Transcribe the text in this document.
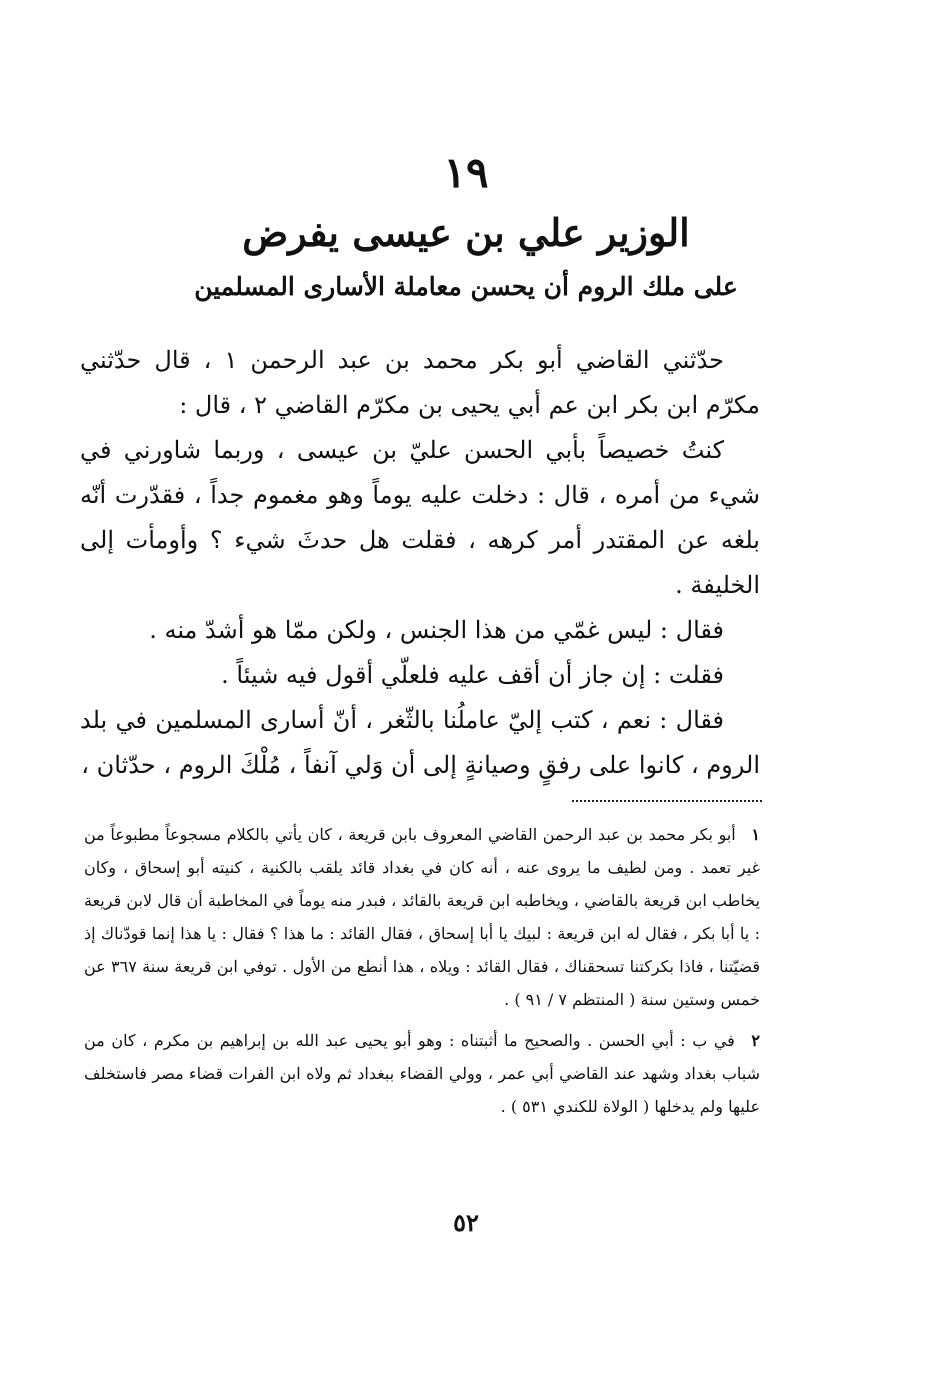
١٩
الوزير علي بن عيسى يفرض
على ملك الروم أن يحسن معاملة الأسارى المسلمين

حدّثني القاضي أبو بكر محمد بن عبد الرحمن ١ ، قال حدّثني مكرّم ابن بكر ابن عم أبي يحيى بن مكرّم القاضي ٢ ، قال :

كنتُ خصيصاً بأبي الحسن عليّ بن عيسى ، وربما شاورني في شيء من أمره ، قال : دخلت عليه يوماً وهو مغموم جداً ، فقدّرت أنّه بلغه عن المقتدر أمر كرهه ، فقلت هل حدثَ شيء ؟ وأومأت إلى الخليفة .

فقال : ليس غمّي من هذا الجنس ، ولكن ممّا هو أشدّ منه .

فقلت : إن جاز أن أقف عليه فلعلّي أقول فيه شيئاً .

فقال : نعم ، كتب إليّ عاملُنا بالثّغر ، أنّ أسارى المسلمين في بلد الروم ، كانوا على رفقٍ وصيانةٍ إلى أن وَلي آنفاً ، مُلْكَ الروم ، حدّثان ،

١ أبو بكر محمد بن عبد الرحمن القاضي المعروف بابن قريعة ، كان يأتي بالكلام مسجوعاً مطبوعاً من غير تعمد . ومن لطيف ما يروى عنه ، أنه كان في بغداد قائد يلقب بالكنية ، كنيته أبو إسحاق ، وكان يخاطب ابن قريعة بالقاضي ، ويخاطبه ابن قريعة بالقائد ، فبدر منه يوماً في المخاطبة أن قال لابن قريعة : يا أبا بكر ، فقال له ابن قريعة : لبيك يا أبا إسحاق ، فقال القائد : ما هذا ؟ فقال : يا هذا إنما قودّناك إذ قضيّتنا ، فاذا بكركتنا تسحقناك ، فقال القائد : ويلاه ، هذا أنطع من الأول . توفي ابن قريعة سنة ٣٦٧ عن خمس وستين سنة ( المنتظم ٧ / ٩١ ) .

٢ في ب : أبي الحسن . والصحيح ما أثبتناه : وهو أبو يحيى عبد الله بن إبراهيم بن مكرم ، كان من شباب بغداد وشهد عند القاضي أبي عمر ، وولي القضاء ببغداد ثم ولاه ابن الفرات قضاء مصر فاستخلف عليها ولم يدخلها ( الولاة للكندي ٥٣١ ) .

٥٢
